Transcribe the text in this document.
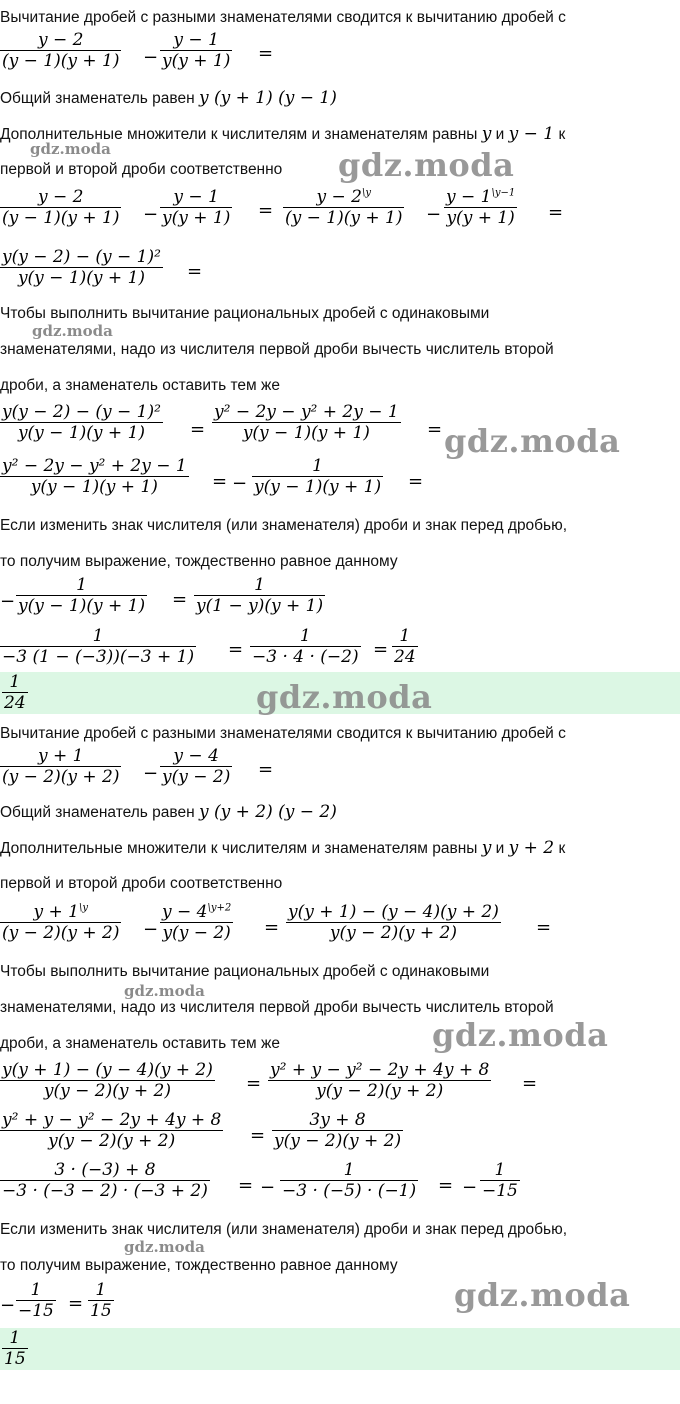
Вычитание дробей с разными знаменателями сводится к вычитанию дробей с
$\frac{y - 2}{(y - 1)(y + 1)} - \frac{y - 1}{y(y + 1)}$ =
Общий знаменатель равен y (y + 1) (y − 1)
Дополнительные множители к числителям и знаменателям равны y и y − 1 к
первой и второй дроби соответственно
gdz.moda	gdz.moda
$\frac{y - 2}{(y - 1)(y + 1)} - \frac{y - 1}{y(y + 1)} = \frac{y - 2^{\backslash y}}{(y - 1)(y + 1)} - \frac{y - 1^{\backslash y-1}}{y(y + 1)}$ =
$\frac{\text{y(y − 2) − (y − 1)²}}{y(y - 1)(y + 1)}$ =
Чтобы выполнить вычитание рациональных дробей с одинаковыми
gdz.moda
знаменателями, надо из числителя первой дроби вычесть числитель второй
дроби, а знаменатель оставить тем же
$\frac{\text{y(y − 2) − (y − 1)²}}{y(y - 1)(y + 1)} = \frac{\text{y² − 2y − y² + 2y − 1}}{y(y - 1)(y + 1)}$ = gdz.moda
$\frac{\text{y² − 2y − y² + 2y − 1}}{y(y - 1)(y + 1)}$ = − $\frac{1}{y(y - 1)(y + 1)}$ =
Если изменить знак числителя (или знаменателя) дроби и знак перед дробью,
то получим выражение, тождественно равное данному
− $\frac{1}{y(y - 1)(y + 1)} = \frac{1}{y(1 - y)(y + 1)}$
$\frac{1}{-3 (1 - (-3))(-3 + 1)} = \frac{1}{-3 \cdot 4 \cdot (-2)} = \frac{1}{24}$
$\frac{1}{24}$	gdz.moda
Вычитание дробей с разными знаменателями сводится к вычитанию дробей с
$\frac{y + 1}{(y - 2)(y + 2)} - \frac{y - 4}{y(y - 2)}$ =
Общий знаменатель равен y (y + 2) (y − 2)
Дополнительные множители к числителям и знаменателям равны y и y + 2 к
первой и второй дроби соответственно
$\frac{y + 1^{\backslash y}}{(y - 2)(y + 2)} - \frac{y - 4^{\backslash y+2}}{y(y - 2)} = \frac{y(y + 1) - (y - 4)(y + 2)}{y(y - 2)(y + 2)}$ =
Чтобы выполнить вычитание рациональных дробей с одинаковыми
gdz.moda
знаменателями, надо из числителя первой дроби вычесть числитель второй
дроби, а знаменатель оставить тем же	gdz.moda
$\frac{y(y + 1) - (y - 4)(y + 2)}{y(y - 2)(y + 2)} = \frac{\text{y² + y − y² − 2y + 4y + 8}}{y(y - 2)(y + 2)}$ =
$\frac{\text{y² + y − y² − 2y + 4y + 8}}{y(y - 2)(y + 2)} = \frac{3y + 8}{y(y - 2)(y + 2)}$
$\frac{3 \cdot (-3) + 8}{-3 \cdot (-3 - 2) \cdot (-3 + 2)}$ = − $\frac{1}{-3 \cdot (-5) \cdot (-1)}$ = − $\frac{1}{-15}$
Если изменить знак числителя (или знаменателя) дроби и знак перед дробью,
gdz.moda
то получим выражение, тождественно равное данному
− $\frac{1}{-15} = \frac{1}{15}$	gdz.moda
$\frac{1}{15}$
